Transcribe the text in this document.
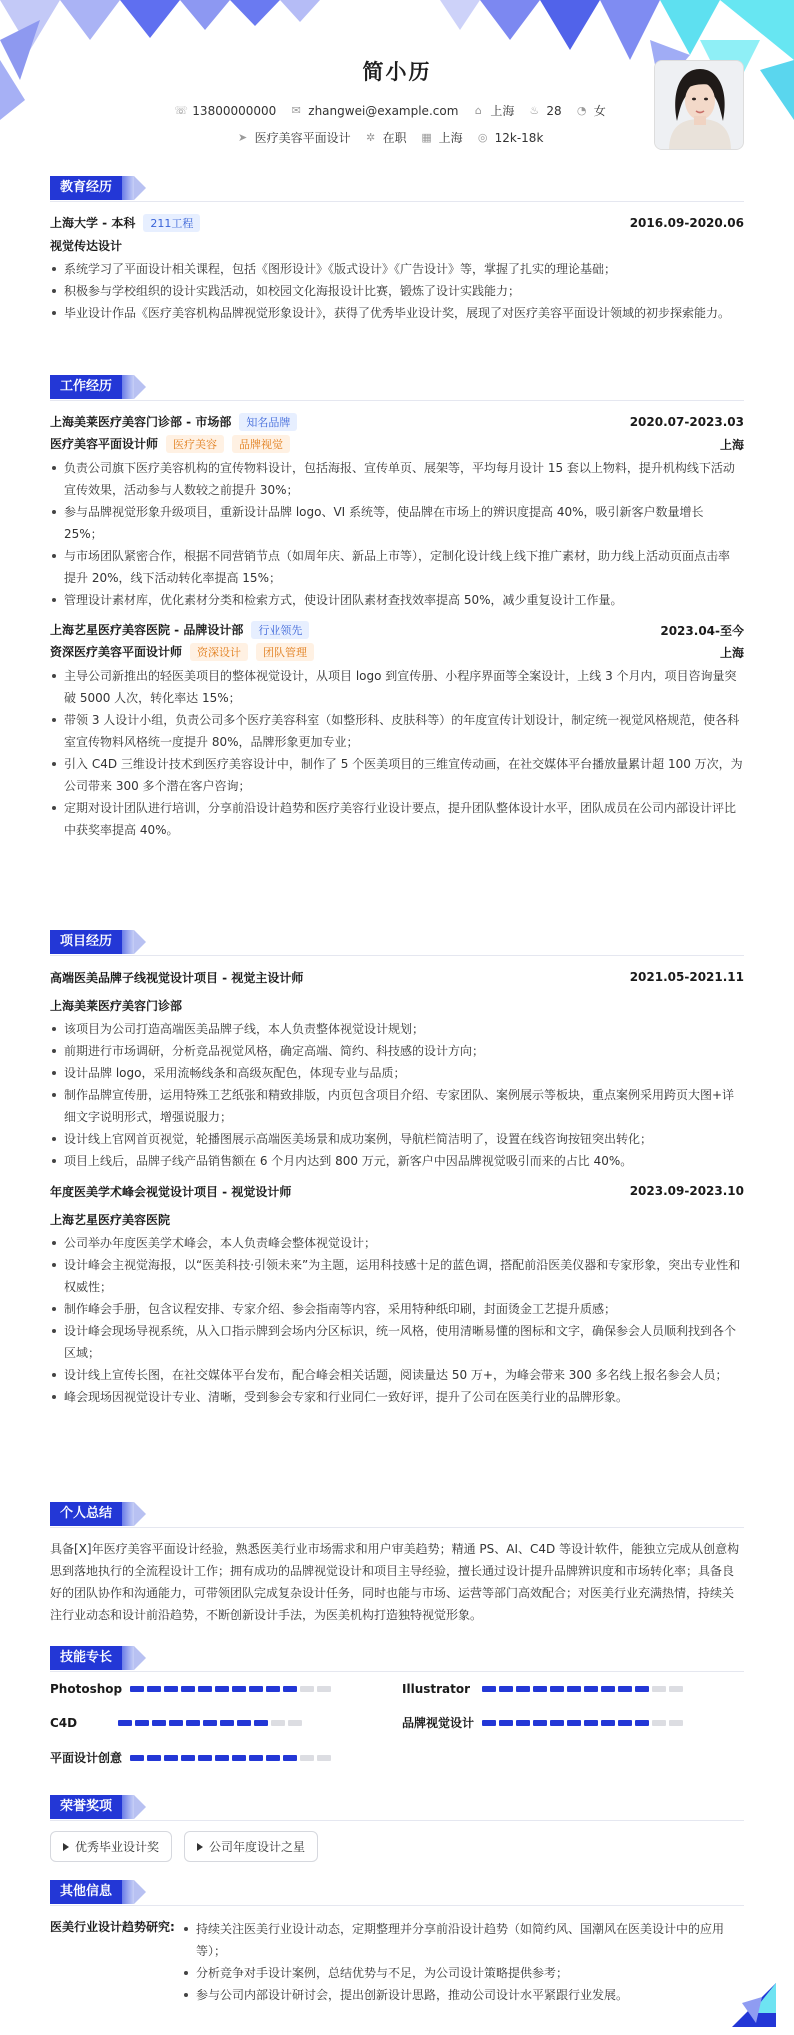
简小历
☏ 13800000000 ✉ zhangwei@example.com ⌂ 上海 ♨ 28 ◔ 女
➤ 医疗美容平面设计 ✲ 在职 ▦ 上海 ◎ 12k-18k
教育经历
上海大学 - 本科 211工程	2016.09-2020.06
视觉传达设计
系统学习了平面设计相关课程，包括《图形设计》《版式设计》《广告设计》等，掌握了扎实的理论基础；
积极参与学校组织的设计实践活动，如校园文化海报设计比赛，锻炼了设计实践能力；
毕业设计作品《医疗美容机构品牌视觉形象设计》，获得了优秀毕业设计奖，展现了对医疗美容平面设计领域的初步探索能力。
工作经历
上海美莱医疗美容门诊部 - 市场部 知名品牌	2020.07-2023.03
医疗美容平面设计师 医疗美容 品牌视觉	上海
负责公司旗下医疗美容机构的宣传物料设计，包括海报、宣传单页、展架等，平均每月设计 15 套以上物料，提升机构线下活动
宣传效果，活动参与人数较之前提升 30%；
参与品牌视觉形象升级项目，重新设计品牌 logo、VI 系统等，使品牌在市场上的辨识度提高 40%，吸引新客户数量增长
25%；
与市场团队紧密合作，根据不同营销节点（如周年庆、新品上市等），定制化设计线上线下推广素材，助力线上活动页面点击率
提升 20%，线下活动转化率提高 15%；
管理设计素材库，优化素材分类和检索方式，使设计团队素材查找效率提高 50%，减少重复设计工作量。
上海艺星医疗美容医院 - 品牌设计部 行业领先	2023.04-至今
资深医疗美容平面设计师 资深设计 团队管理	上海
主导公司新推出的轻医美项目的整体视觉设计，从项目 logo 到宣传册、小程序界面等全案设计，上线 3 个月内，项目咨询量突
破 5000 人次，转化率达 15%；
带领 3 人设计小组，负责公司多个医疗美容科室（如整形科、皮肤科等）的年度宣传计划设计，制定统一视觉风格规范，使各科
室宣传物料风格统一度提升 80%，品牌形象更加专业；
引入 C4D 三维设计技术到医疗美容设计中，制作了 5 个医美项目的三维宣传动画，在社交媒体平台播放量累计超 100 万次，为
公司带来 300 多个潜在客户咨询；
定期对设计团队进行培训，分享前沿设计趋势和医疗美容行业设计要点，提升团队整体设计水平，团队成员在公司内部设计评比
中获奖率提高 40%。
项目经历
高端医美品牌子线视觉设计项目 - 视觉主设计师	2021.05-2021.11
上海美莱医疗美容门诊部
该项目为公司打造高端医美品牌子线，本人负责整体视觉设计规划；
前期进行市场调研，分析竞品视觉风格，确定高端、简约、科技感的设计方向；
设计品牌 logo，采用流畅线条和高级灰配色，体现专业与品质；
制作品牌宣传册，运用特殊工艺纸张和精致排版，内页包含项目介绍、专家团队、案例展示等板块，重点案例采用跨页大图+详
细文字说明形式，增强说服力；
设计线上官网首页视觉，轮播图展示高端医美场景和成功案例，导航栏简洁明了，设置在线咨询按钮突出转化；
项目上线后，品牌子线产品销售额在 6 个月内达到 800 万元，新客户中因品牌视觉吸引而来的占比 40%。
年度医美学术峰会视觉设计项目 - 视觉设计师	2023.09-2023.10
上海艺星医疗美容医院
公司举办年度医美学术峰会，本人负责峰会整体视觉设计；
设计峰会主视觉海报，以“医美科技·引领未来”为主题，运用科技感十足的蓝色调，搭配前沿医美仪器和专家形象，突出专业性和
权威性；
制作峰会手册，包含议程安排、专家介绍、参会指南等内容，采用特种纸印刷，封面烫金工艺提升质感；
设计峰会现场导视系统，从入口指示牌到会场内分区标识，统一风格，使用清晰易懂的图标和文字，确保参会人员顺利找到各个
区域；
设计线上宣传长图，在社交媒体平台发布，配合峰会相关话题，阅读量达 50 万+，为峰会带来 300 多名线上报名参会人员；
峰会现场因视觉设计专业、清晰，受到参会专家和行业同仁一致好评，提升了公司在医美行业的品牌形象。
个人总结
具备[X]年医疗美容平面设计经验，熟悉医美行业市场需求和用户审美趋势；精通 PS、AI、C4D 等设计软件，能独立完成从创意构
思到落地执行的全流程设计工作；拥有成功的品牌视觉设计和项目主导经验，擅长通过设计提升品牌辨识度和市场转化率；具备良
好的团队协作和沟通能力，可带领团队完成复杂设计任务，同时也能与市场、运营等部门高效配合；对医美行业充满热情，持续关
注行业动态和设计前沿趋势，不断创新设计手法，为医美机构打造独特视觉形象。
技能专长
Photoshop	Illustrator
C4D	品牌视觉设计
平面设计创意
荣誉奖项
优秀毕业设计奖	公司年度设计之星
其他信息
医美行业设计趋势研究:	持续关注医美行业设计动态，定期整理并分享前沿设计趋势（如简约风、国潮风在医美设计中的应用
等）；
分析竞争对手设计案例，总结优势与不足，为公司设计策略提供参考；
参与公司内部设计研讨会，提出创新设计思路，推动公司设计水平紧跟行业发展。
